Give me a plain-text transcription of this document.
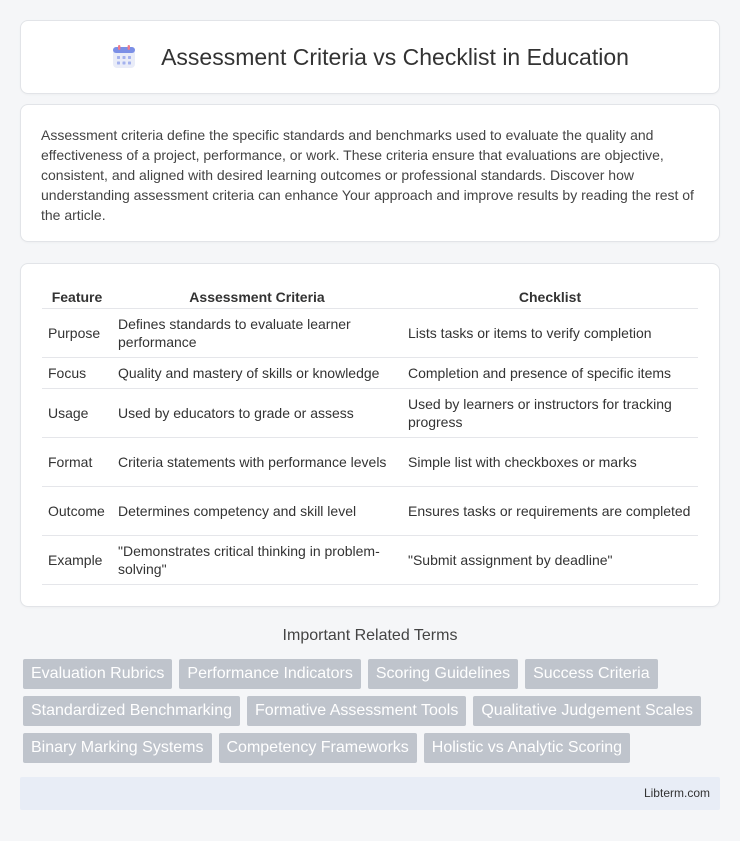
Assessment Criteria vs Checklist in Education

Assessment criteria define the specific standards and benchmarks used to evaluate the quality and effectiveness of a project, performance, or work. These criteria ensure that evaluations are objective, consistent, and aligned with desired learning outcomes or professional standards. Discover how understanding assessment criteria can enhance Your approach and improve results by reading the rest of the article.

Feature	Assessment Criteria	Checklist
Purpose	Defines standards to evaluate learner performance	Lists tasks or items to verify completion
Focus	Quality and mastery of skills or knowledge	Completion and presence of specific items
Usage	Used by educators to grade or assess	Used by learners or instructors for tracking progress
Format	Criteria statements with performance levels	Simple list with checkboxes or marks
Outcome	Determines competency and skill level	Ensures tasks or requirements are completed
Example	"Demonstrates critical thinking in problem-solving"	"Submit assignment by deadline"
Important Related Terms
Evaluation Rubrics	Performance Indicators	Scoring Guidelines	Success Criteria
Standardized Benchmarking	Formative Assessment Tools	Qualitative Judgement Scales
Binary Marking Systems	Competency Frameworks	Holistic vs Analytic Scoring
Libterm.com
